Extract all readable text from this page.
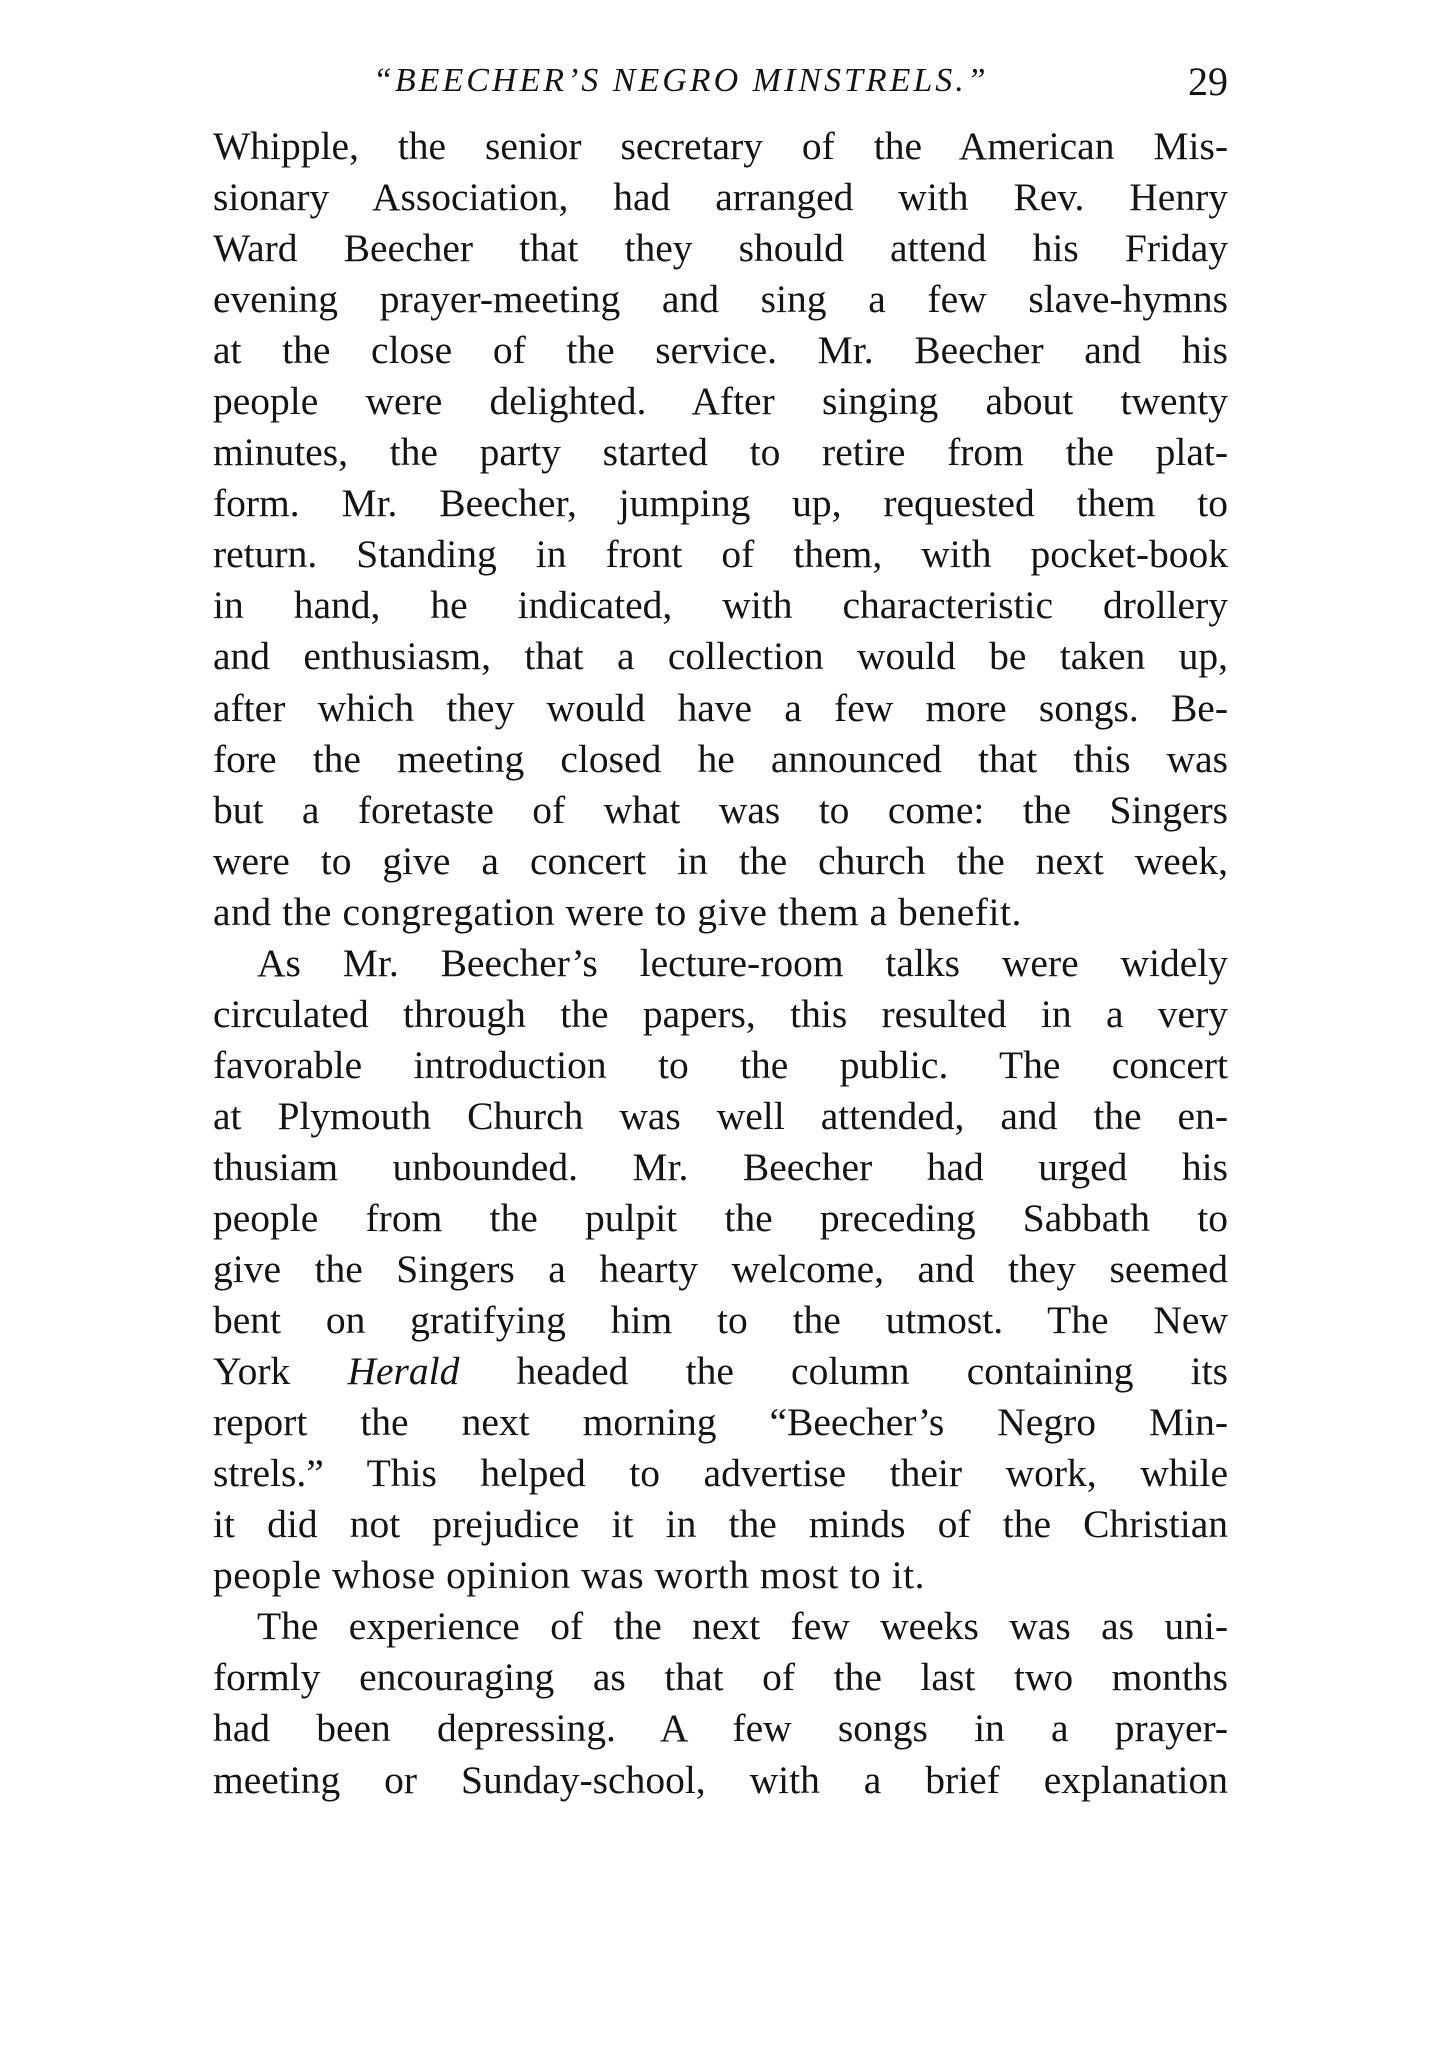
“BEECHER’S NEGRO MINSTRELS.”	29
Whipple, the senior secretary of the American Mis-
sionary Association, had arranged with Rev. Henry
Ward Beecher that they should attend his Friday
evening prayer-meeting and sing a few slave-hymns
at the close of the service. Mr. Beecher and his
people were delighted. After singing about twenty
minutes, the party started to retire from the plat-
form. Mr. Beecher, jumping up, requested them to
return. Standing in front of them, with pocket-book
in hand, he indicated, with characteristic drollery
and enthusiasm, that a collection would be taken up,
after which they would have a few more songs. Be-
fore the meeting closed he announced that this was
but a foretaste of what was to come: the Singers
were to give a concert in the church the next week,
and the congregation were to give them a benefit.
As Mr. Beecher’s lecture-room talks were widely
circulated through the papers, this resulted in a very
favorable introduction to the public. The concert
at Plymouth Church was well attended, and the en-
thusiam unbounded. Mr. Beecher had urged his
people from the pulpit the preceding Sabbath to
give the Singers a hearty welcome, and they seemed
bent on gratifying him to the utmost. The New
York Herald headed the column containing its
report the next morning “Beecher’s Negro Min-
strels.” This helped to advertise their work, while
it did not prejudice it in the minds of the Christian
people whose opinion was worth most to it.
The experience of the next few weeks was as uni-
formly encouraging as that of the last two months
had been depressing. A few songs in a prayer-
meeting or Sunday-school, with a brief explanation
